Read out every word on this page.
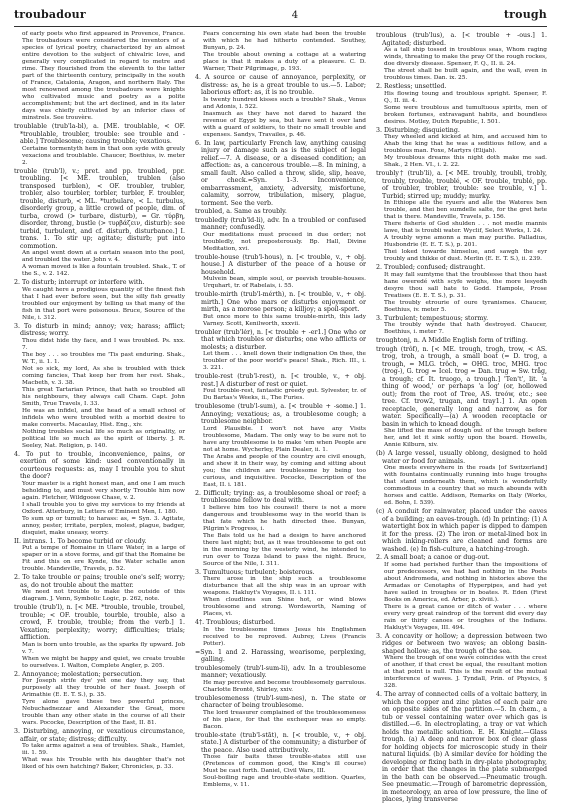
troubadour	4	trough

of early poets who first appeared in Provence, France. The troubadours were considered the inventors of a species of lyrical poetry, characterized by an almost entire devotion to the subject of chivalric love, and generally very complicated in regard to metre and rime. They flourished from the eleventh to the latter part of the thirteenth century, principally in the south of France, Catalonia, Aragon, and northern Italy. The most renowned among the troubadours were knights who cultivated music and poetry as a polite accomplishment; but the art declined, and in its later days was chiefly cultivated by an inferior class of minstrels. See trouvère.

troublable (trub'la-bl), a. [ME. troublable, < OF. *troublable, troubler, trouble: see trouble and -able.] Troublesome; causing trouble; vexatious.

Certaine tormentyth hem in that oon syde with greuly vexacions and troublable. Chaucer, Boethius, iv. meter 2.

trouble (trub'l), v.; pret. and pp. troubled, ppr. troubling. [< ME. troublen, trublen (also transposed turblen), < OF. troubler, trubler, trobler, also tourbler, torbler, turbler, F. troubler, trouble, disturb, < ML. *turbulare, < L. turbulus, disorderly group, a little crowd of people, dim. of turba, crowd (> turbare, disturb), = Gr. τύρβη, disorder, throng, bustle (> τυρβάζειν, disturb): see turbid, turbulent, and cf. disturb, disturbance.] I. trans. 1. To stir up; agitate; disturb; put into commotion.

An angel went down at a certain season into the pool, and troubled the water. John v. 4.

A woman moved is like a fountain troubled. Shak., T. of the S., v. 2. 142.

2. To disturb; interrupt or interfere with.

We caught here a prodigious quantity of the finest fish that I had ever before seen, but the silly fish greatly troubled our enjoyment by telling us that many of the fish in that port were poisonous. Bruce, Source of the Nile, i. 312.

3. To disturb in mind; annoy; vex; harass; afflict; distress; worry.

Thou didst hide thy face, and I was troubled. Ps. xxx. 7.

The boy . . . so troubles me 'Tis past enduring. Shak., W. T., ii. 1. 1.

Not so sick, my lord, As she is troubled with thick coming fancies, That keep her from her rest. Shak., Macbeth, v. 3. 38.

This great Tartarian Prince, that hath so troubled all his neighbours, they always call Cham. Capt. John Smith, True Travels, I. 33.

He was an infidel, and the head of a small school of infidels who were troubled with a morbid desire to make converts. Macaulay, Hist. Eng., xiv.

Nothing troubles social life so much as originality, or political life so much as the spirit of liberty. J. R. Seeley, Nat. Religion, p. 140.

4. To put to trouble, inconvenience, pains, or exertion of some kind: used conventionally in courteous requests: as, may I trouble you to shut the door?

Your master is a right honest man, and one I am much beholding to, and must very shortly Trouble him now again. Fletcher, Wildgoose Chase, v. 2.

I shall trouble you to give my services to my friends at Oxford. Atterbury, in Letters of Eminent Men, I. 180.

To sum up or tumult; to harass: as, = Syn. 3. Agitate, annoy, pester, irritate, perplex, molest, plague, badger, disquiet, make uneasy, worry.

II. intrans. 1. To become turbid or cloudy.

Put a tempe of Romaine in Ulare Water, in a large of spaper or in a stove forms, and gif that the Romaine be Fit and this on ere Kynde, the Water schalle anon trouble. Mandeville, Travels, p. 52.

2. To take trouble or pains; trouble one's self; worry; as, do not trouble about the matter.

We need not trouble to make the outside of this diagram. J. Venn, Symbolic Logic, p. 262, note.

trouble (trub'l), n. [< ME. *trouble, trouble, troubel, trouble; < OF. trouble, tourble, trouble, also a crowd, F. trouble, trouble; from the verb.] 1. Vexation; perplexity; worry; difficulties; trials; affliction.

Man is born unto trouble, as the sparks fly upward. Job v. 7.

When we might be happy and quiet, we create trouble to ourselves. I. Walton, Complete Angler, p. 205.

2. Annoyance; molestation; persecution.

For Joseph strife dye' yet one day they say, that purposely all they trouble of her feast. Joseph of Arimathie (E. E. T. S.), p. 35.

Tyre alone gave these two powerful princes, Nebuchadnezzar and Alexander the Great, more trouble than any other state in the course of all their wars. Pococke, Description of the East, II. 81.

3. Disturbing, annoying, or vexatious circumstance, affair, or state; distress; difficulty.

To take arms against a sea of troubles. Shak., Hamlet, iii. 1. 59.

What was his Trouble with his daughter that's not liked of his own hatching? Baker, Chronicles, p. 33.

Fears concerning his own state had been the trouble with which he had hitherto contended. Southey, Bunyan, p. 24.

The trouble about owning a cottage at a watering place is that it makes a duty of a pleasure. C. D. Warner, Their Pilgrimage, p. 193.

4. A source or cause of annoyance, perplexity, or distress: as, he is a great trouble to us.—5. Labor; laborious effort: as, it is no trouble.

Is twenty hundred kisses such a trouble? Shak., Venus and Adonis, l. 522.

Inasmuch as they have not dared to hazard the revenue of Egypt by sea, but have sent it over land with a guard of soldiers, to their no small trouble and expenses. Sandys, Travailes, p. 46.

6. In law, particularly French law, anything causing injury or damage such as is the subject of legal relief.—7. A disease, or a diseased condition; an affection: as, a cancerous trouble.—8. In mining, a small fault. Also called a throw, slide, slip, heave, or check.=Syn. 1-3. Inconvenience, embarrassment, anxiety, adversity, misfortune, calamity, sorrow, tribulation, misery, plague, torment. See the verb.

troubled, a. Same as troubly.

troubledly (trub'ld-li), adv. In a troubled or confused manner; confusedly.

Our meditations must proceed in due order; not troubledly, not preposterously. Bp. Hall, Divine Meditation, xvi.

trouble-house (trub'l-hous), n. [< trouble, v., + obj. house.] A disturber of the peace of a house or household.

Mulvein bean, simple soul, or peevish trouble-houses. Urquhart, tr. of Rabelais, i. 55.

trouble-mirth (trub'l-mérth), n. [< trouble, v., + obj. mirth.] One who mars or disturbs enjoyment or mirth, as a morose person; a killjoy; a spoil-sport.

But once more to this same trouble-mirth, this lady Varney. Scott, Kenilworth, xxxvii.

troubler (trub'lėr), n. [< trouble + -er1.] One who or that which troubles or disturbs; one who afflicts or molests; a disturber.

Let them . . . knell down their indignation On thee, the troubler of the poor world's peace! Shak., Rich. III., i. 3. 221.

trouble-rest (trub'l-rest), n. [< trouble, v., + obj. rest.] A disturber of rest or quiet.

Foul trouble-rest, fantastic greedy gut. Sylvester, tr. of Du Bartas's Weeks, ii., The Furies.

troublesome (trub'l-sum), a. [< trouble + -some.] 1. Annoying; vexatious; as, a troublesome cough; a troublesome neighbor.

Lord Plausible. I won't not have any Visits troublesome, Madam. The only way to be sure not to have any troublesome is to make 'em when People are not at home. Wycherley, Plain Dealer, ii. 1.

The Arabs and people of the country are civil enough, and shew it in their way, by coming and sitting about you; the children are troublesome by being too curious, and inquisitive. Pococke, Description of the East, II. i. 181.

2. Difficult; trying: as, a troublesome shoal or reef; a troublesome fellow to deal with.

I believe him too his counsel! there is not a more dangerous and troublesome way in the world than is that fate which he hath directed thee. Bunyan, Pilgrim's Progress, i.

The Bais told us he had a design to have anchored there last night; but, as it was troublesome to get out in the morning by the westerly wind, he intended to run over to Tozza Island to pass the night. Bruce, Source of the Nile, I. 311.

3. Tumultuous; turbulent; boisterous.

There arose in the ship such a troublesome disturbance that all the ship was in an uproar with weapons. Hakluyt's Voyages, II. i. 111.

When cloudlines sun Shine hot, or wind blows troublesome and strong. Wordsworth, Naming of Places, vi.

4†. Troublous; disturbed.

In the troublesome times Jesus his Englishmen received to be reproved. Aubrey, Lives (Francis Potter).

=Syn. 1 and 2. Harassing, wearisome, perplexing, galling.

troublesomely (trub'l-sum-li), adv. In a troublesome manner; vexatiously.

He may perceive and become troublesomely garrulous. Charlotte Brontë, Shirley, xxiv.

troublesomeness (trub'l-sum-nes), n. The state or character of being troublesome.

The lord treasurer complained of the troublesomeness of his place, for that the exchequer was so empty. Bacon.

trouble-state (trub'l-stāt), n. [< trouble, v., + obj. state.] A disturber of the community; a disturber of the peace. Also used attributively.

Those fair baits these trouble-states still use (Pretences of common good, the King's ill course) Must be cast forth. Daniel, Civil Wars, III.

Soul-boiling rage and trouble-state sedition. Quarles, Emblems, v. 11.

troublous (trub'lus), a. [< trouble + -ous.] 1. Agitated; disturbed.

As a tall ship tossed in troublous seas, Whom raging winds, threating to make the pray Of the rough rockes, doe diversly disease. Spenser, F. Q., II. ii. 24.

The street shall be built again, and the wall, even in troublous times. Dan. ix. 25.

2. Restless; unsettled.

His flowing toung and troublous spright. Spenser, F. Q., II. iii. 4.

Some were troublous and tumultuous spirits, men of broken fortunes, extravagant habits, and boundless desires. Motley, Dutch Republic, I. 501.

3. Disturbing; disquieting.

They wheeled and kicked at him, and accused him to Ahab the king that he was a seditious fellow, and a troublous man. Foxe, Martyrs (Elijah).

My troublous dreams this night doth make me sad. Shak., 2 Hen. VI., i. 2. 22.

troubly† (trub'li), a. [< ME. troubly, troubli, trobly, troubly, trouble, troublé, < OF. trouble, trublé, pp. of troubler, trobler, trouble: see trouble, v.] 1. Turbid; stirred up; muddy; murky.

In Ethiope alle the ryuers and alle the Wateres ben trouble, and thei ben sumdelle salte, for the gret hete that is there. Mandeville, Travels, p. 156.

There fisheris of God shulden . . . not medle mannis lawe, that is troubli water. Wyclif, Select Works, I. 24.

A troubly wyne amonn a man may purifie. Palladius, Husbondrie (E. E. T. S.), p. 201.

Thei loked towarde himselue, and sawgh the eyr troubly and thikke of dust. Merlin (E. E. T. S.), ii. 239.

2. Troubled; confused; distraught.

It may fall sumtyme that the troublesse that thou hast hane oweredé with scyfe weighs, the more lesyedh desyre thou sall hate to Godd. Hampole, Prose Treatises (E. E. T. S.), p. 31.

The troubly etrourie of oure tyranismes. Chaucer, Boethius, iv. meter 5.

3. Turbulent; tempestuous; stormy.

The troubly wynde that hath destroyed. Chaucer, Boethius, i. meter 7.

troughtonj, n. A Middle English form of trifling.

trough (trôf), n. [< ME. trough, trogh, trow, < AS. trog, troh, a trough, a small boat (= D. trog, a trough, = MLG. trôch, = OHG. troc, MHG. troc (trog-), G. trog = Icel. trog = Dan. trug = Sw. tråg, a trough; cf. It. truogo, a trough.] 'Ten't', lit. 'a thing of wood,' or perhaps 'a log' (or, hollowed out); from the root of Tree, AS. treów, etc.; see tree. Cf. trow2, trugan, and tray1.] 1. An open receptacle, generally long and narrow, as for water. Specifically—(a) A wooden receptacle or basin in which to knead dough.

She lifted the mass of dough out of the trough before her, and let it sink softly upon the board. Howells, Annie Kilburn, xiv.

(b) A large vessel, usually oblong, designed to hold water or food for animals.

One meets everywhere in the roads [of Switzerland] with fountains continually running into huge troughs that stand underneath them, which is wonderfully commodious in a country that so much abounds with horses and cattle. Addison, Remarks on Italy (Works, ed. Bohn, I. 539).

(c) A conduit for rainwater, placed under the eaves of a building; an eaves-trough. (d) In printing: (1) A watertight box in which paper is dipped to dampen it for the press. (2) The iron or metal-lined box in which inking-rollers are cleaned and forms are washed. (e) In fish-culture, a hatching-trough.

2. A small boat; a canoe or dug-out.

If some had perished further than the impositions of our predecessors, we had had nothing in the Poets about Andromeda, and nothing in histories above the Armadas or Cenotaphs of Hyperpipes, and had yet have sailed in troughes or in boates. R. Eden (First Books on America, ed. Arber, p. xlviii.).

There is a great canoe or ditch of water . . . where every very great raindrop of the torrent did every day rain or thirty canoes or troughes of the Indians. Hakluyt's Voyages, III. 494.

3. A concavity or hollow; a depression between two ridges or between two waves; an oblong basin-shaped hollow: as, the trough of the sea.

Where the trough of one wave coincides with the crest of another, if that crest be equal, the resultant motion at that point is null. This is the result of the mutual interference of waves. J. Tyndall, Prin. of Physics, § 328.

4. The array of connected cells of a voltaic battery, in which the copper and zinc plates of each pair are on opposite sides of the partition.—5. In chem., a tub or vessel containing water over which gas is distilled.—6. In electroplating, a tray or vat which holds the metallic solution. E. H. Knight.—Glass trough. (a) A deep and narrow box of clear glass for holding objects for microscopic study in their natural liquids. (b) A similar device for holding the developing or fixing bath in dry-plate photography, in order that the changes in the plate submerged in the bath can be observed.—Pneumatic trough. See pneumatic.—Trough of barometric depression, in meteorology, an area of low pressure, the line of places, lying transverse
